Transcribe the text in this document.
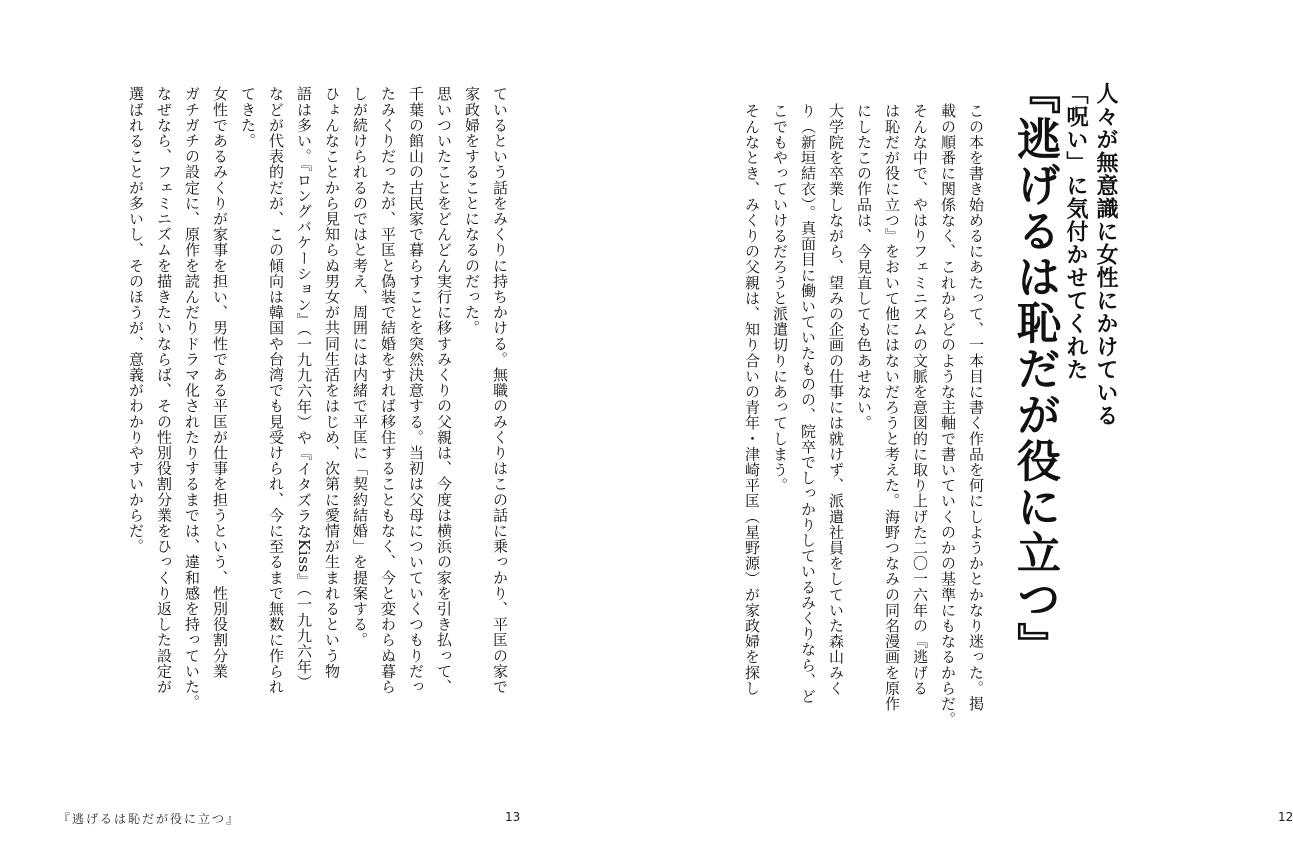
ているという話をみくりに持ちかける。無職のみくりはこの話に乗っかり、平匡の家で

家政婦をすることになるのだった。

思いついたことをどんどん実行に移すみくりの父親は、今度は横浜の家を引き払って、

千葉の館山の古民家で暮らすことを突然決意する。当初は父母についていくつもりだっ

たみくりだったが、平匡と偽装で結婚をすれば移住することもなく、今と変わらぬ暮ら

しが続けられるのではと考え、周囲には内緒で平匡に「契約結婚」を提案する。

ひょんなことから見知らぬ男女が共同生活をはじめ、次第に愛情が生まれるという物

語は多い。『ロングバケーション』（一九九六年）や『イタズラなKiss』（一九九六年）

などが代表的だが、この傾向は韓国や台湾でも見受けられ、今に至るまで無数に作られ

てきた。

女性であるみくりが家事を担い、男性である平匡が仕事を担うという、性別役割分業

ガチガチの設定に、原作を読んだりドラマ化されたりするまでは、違和感を持っていた。

なぜなら、フェミニズムを描きたいならば、その性別役割分業をひっくり返した設定が

選ばれることが多いし、そのほうが、意義がわかりやすいからだ。

『逃げるは恥だが役に立つ』	13
人々が無意識に女性にかけている
「呪い」に気付かせてくれた
『逃げるは恥だが役に立つ』

この本を書き始めるにあたって、一本目に書く作品を何にしようかとかなり迷った。掲

載の順番に関係なく、これからどのような主軸で書いていくのかの基準にもなるからだ。

そんな中で、やはりフェミニズムの文脈を意図的に取り上げた二〇一六年の『逃げる

は恥だが役に立つ』をおいて他にはないだろうと考えた。海野つなみの同名漫画を原作

にしたこの作品は、今見直しても色あせない。

大学院を卒業しながら、望みの企画の仕事には就けず、派遣社員をしていた森山みく

り（新垣結衣）。真面目に働いていたものの、院卒でしっかりしているみくりなら、ど

こでもやっていけるだろうと派遣切りにあってしまう。

そんなとき、みくりの父親は、知り合いの青年・津崎平匡（星野源）が家政婦を探し

12
